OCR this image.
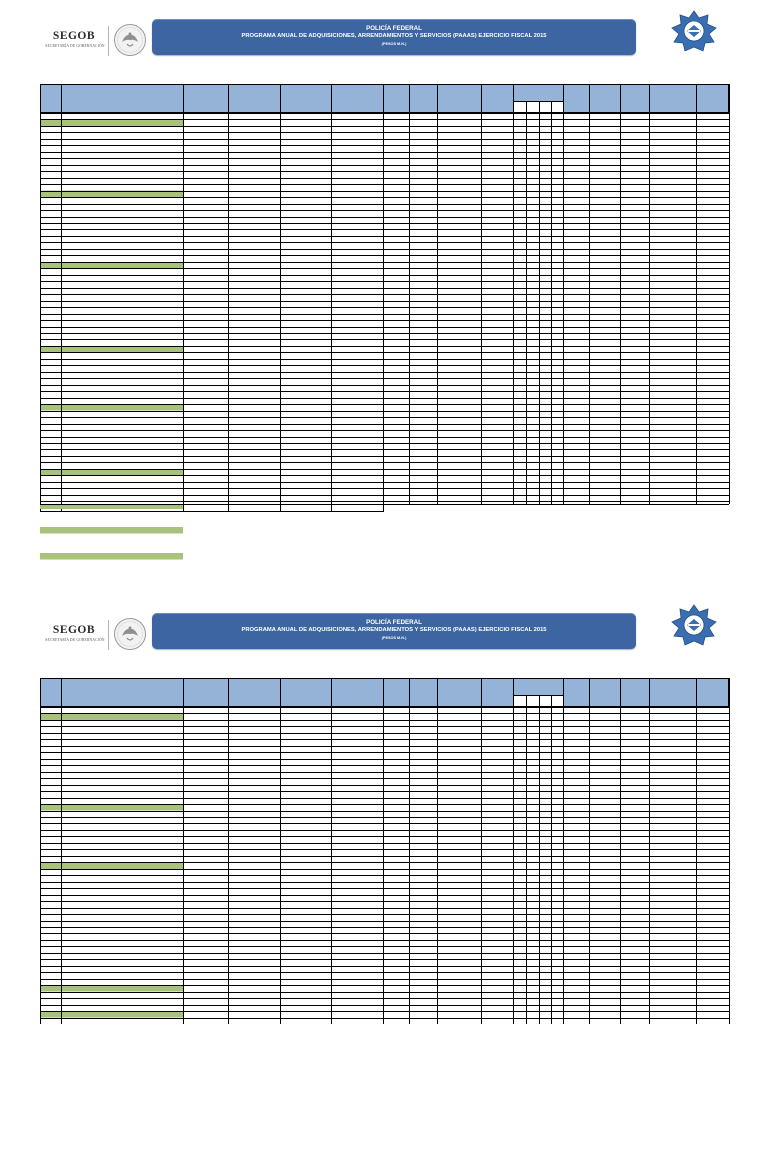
SEGOB
SECRETARÍA DE GOBERNACIÓN
POLICÍA FEDERAL
PROGRAMA ANUAL DE ADQUISICIONES, ARRENDAMIENTOS Y SERVICIOS (PAAAS) EJERCICIO FISCAL 2015
(PESOS M.N.)
SEGOB
SECRETARÍA DE GOBERNACIÓN
POLICÍA FEDERAL
PROGRAMA ANUAL DE ADQUISICIONES, ARRENDAMIENTOS Y SERVICIOS (PAAAS) EJERCICIO FISCAL 2015
(PESOS M.N.)
